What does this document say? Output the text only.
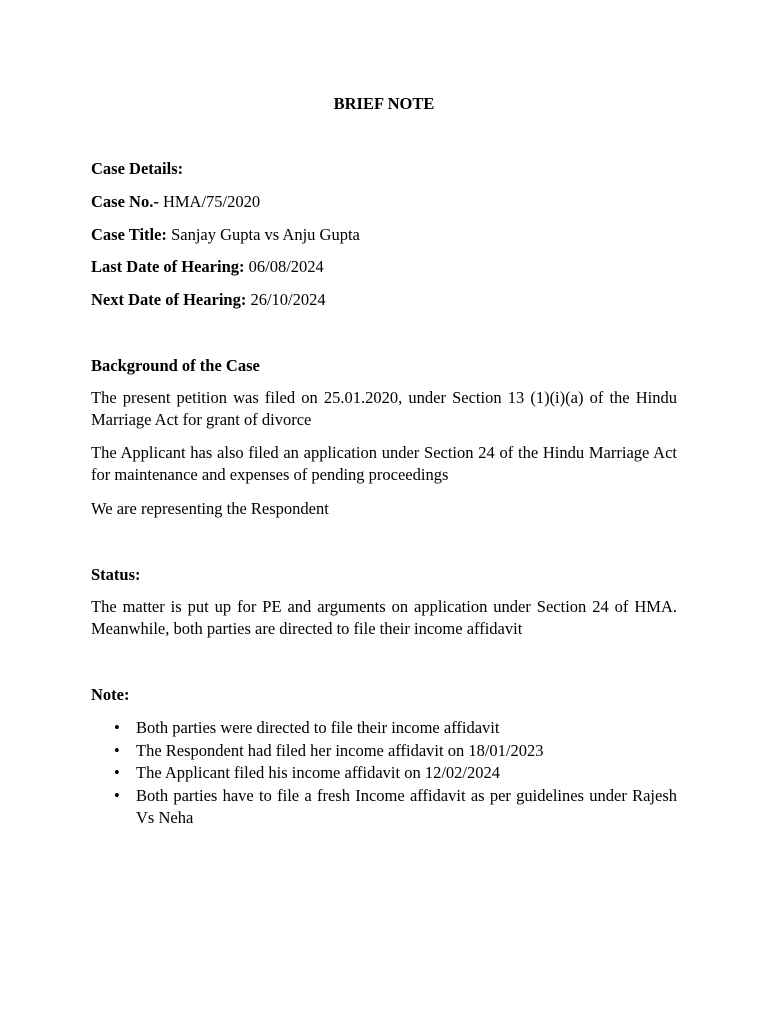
BRIEF NOTE
Case Details:
Case No.- HMA/75/2020
Case Title: Sanjay Gupta vs Anju Gupta
Last Date of Hearing: 06/08/2024
Next Date of Hearing: 26/10/2024
Background of the Case
The present petition was filed on 25.01.2020, under Section 13 (1)(i)(a) of the Hindu Marriage Act for grant of divorce
The Applicant has also filed an application under Section 24 of the Hindu Marriage Act for maintenance and expenses of pending proceedings
We are representing the Respondent
Status:
The matter is put up for PE and arguments on application under Section 24 of HMA. Meanwhile, both parties are directed to file their income affidavit
Note:
• Both parties were directed to file their income affidavit
• The Respondent had filed her income affidavit on 18/01/2023
• The Applicant filed his income affidavit on 12/02/2024
• Both parties have to file a fresh Income affidavit as per guidelines under Rajesh Vs Neha
